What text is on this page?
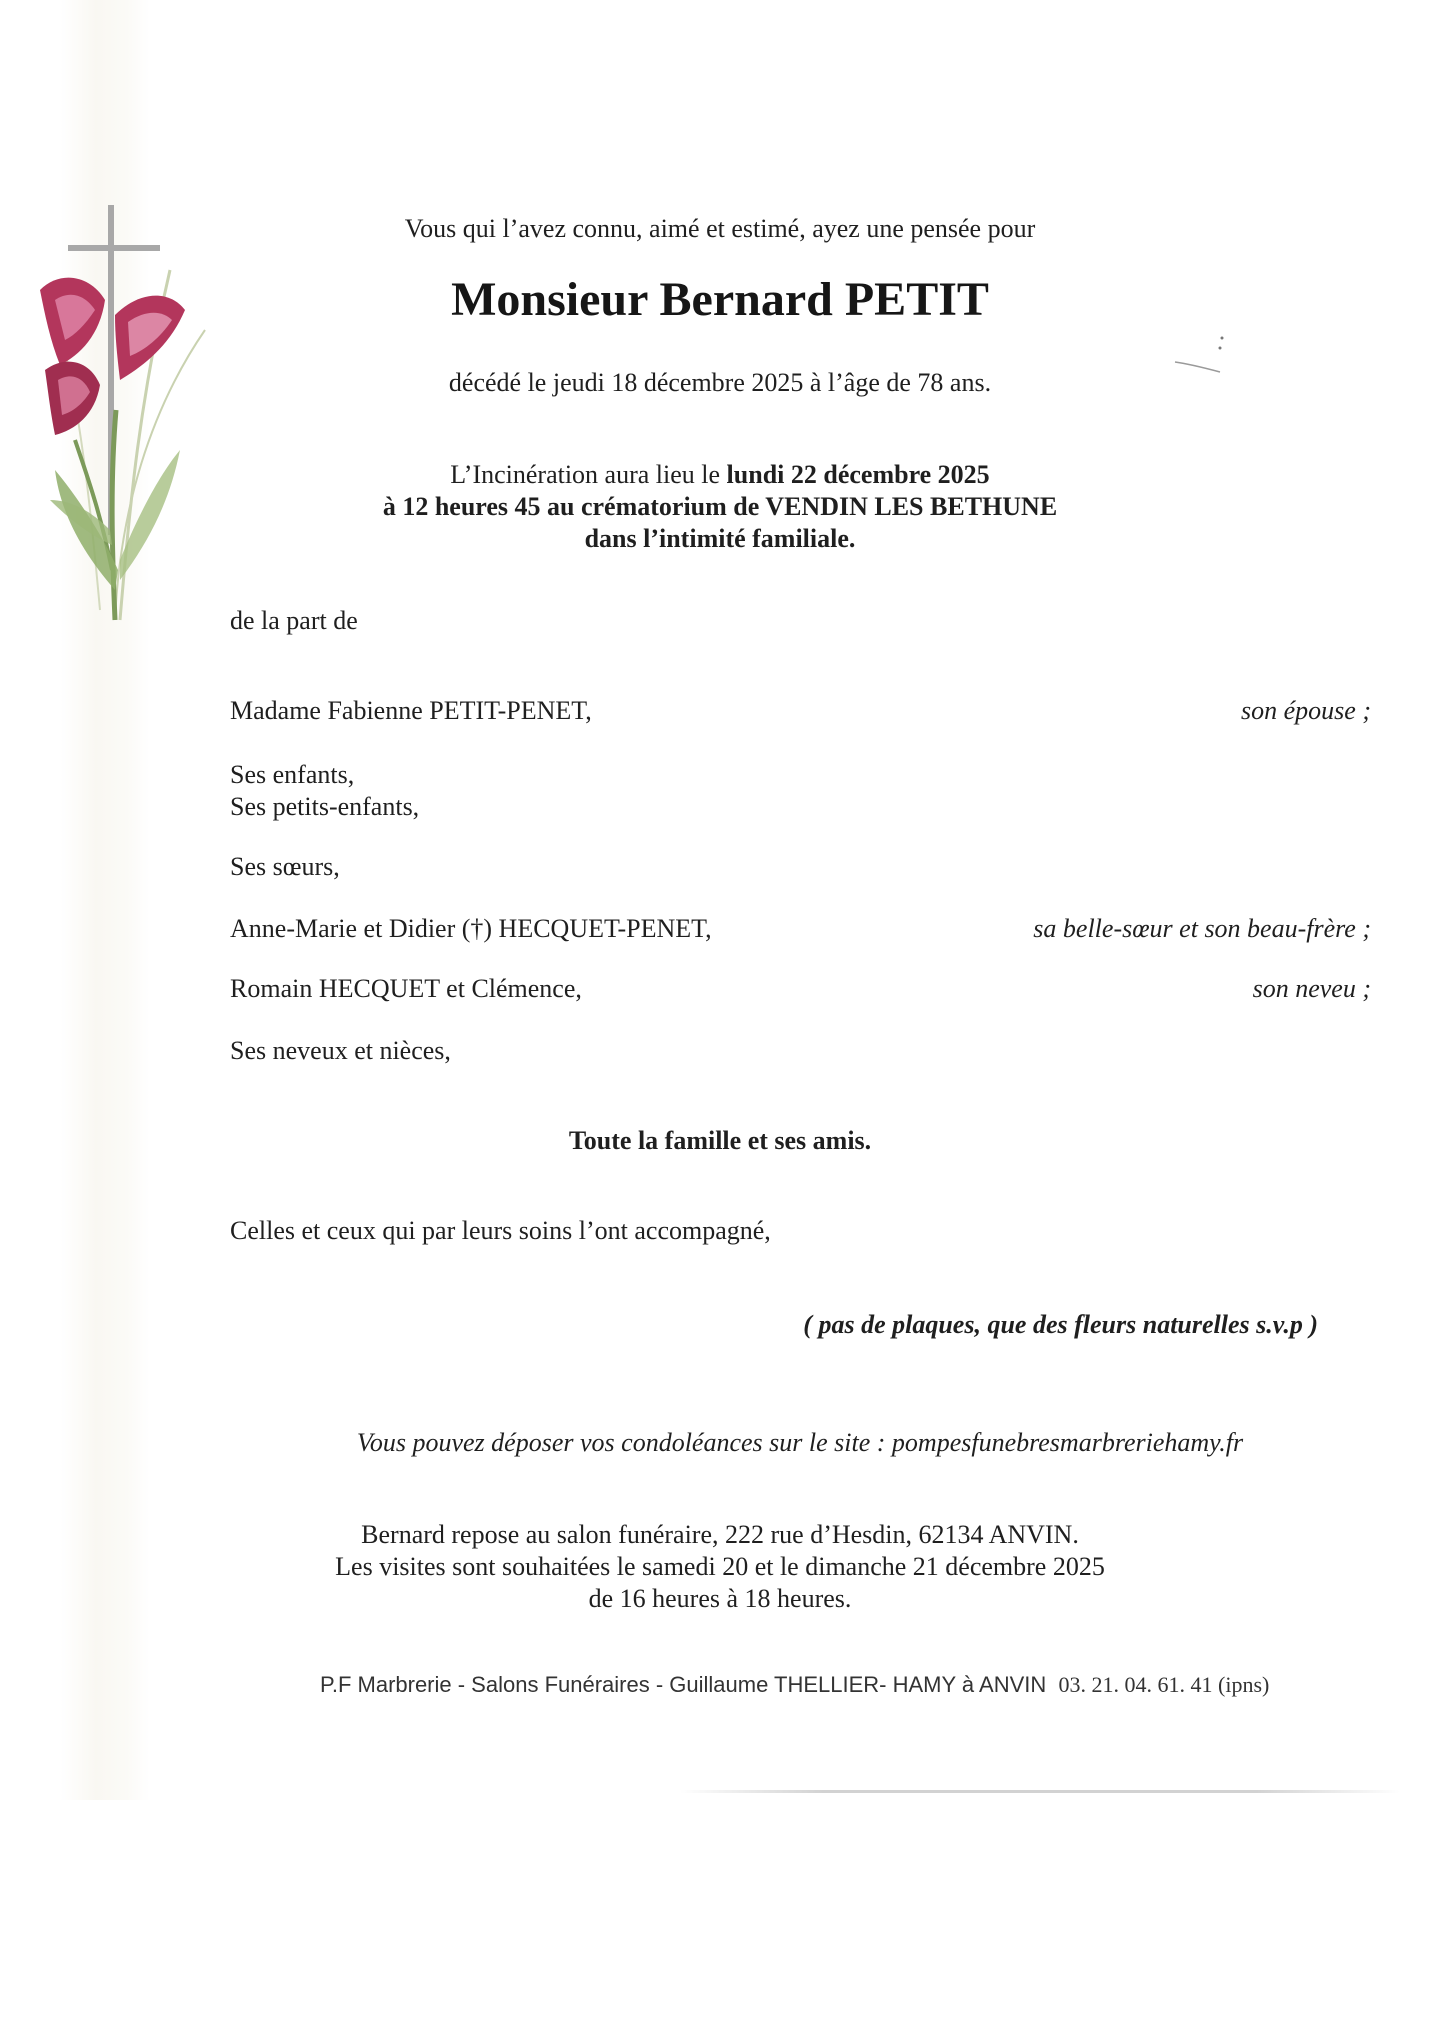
Vous qui l’avez connu, aimé et estimé, ayez une pensée pour
Monsieur Bernard PETIT
décédé le jeudi 18 décembre 2025 à l’âge de 78 ans.
L’Incinération aura lieu le lundi 22 décembre 2025
à 12 heures 45 au crématorium de VENDIN LES BETHUNE
dans l’intimité familiale.
de la part de
Madame Fabienne PETIT-PENET,	son épouse ;
Ses enfants,
Ses petits-enfants,
Ses sœurs,
Anne-Marie et Didier (†) HECQUET-PENET,	sa belle-sœur et son beau-frère ;
Romain HECQUET et Clémence,	son neveu ;
Ses neveux et nièces,
Toute la famille et ses amis.
Celles et ceux qui par leurs soins l’ont accompagné,
( pas de plaques, que des fleurs naturelles s.v.p )
Vous pouvez déposer vos condoléances sur le site : pompesfunebresmarbreriehamy.fr
Bernard repose au salon funéraire, 222 rue d’Hesdin, 62134 ANVIN.
Les visites sont souhaitées le samedi 20 et le dimanche 21 décembre 2025
de 16 heures à 18 heures.
P.F Marbrerie - Salons Funéraires - Guillaume THELLIER- HAMY à ANVIN 03. 21. 04. 61. 41 (ipns)
